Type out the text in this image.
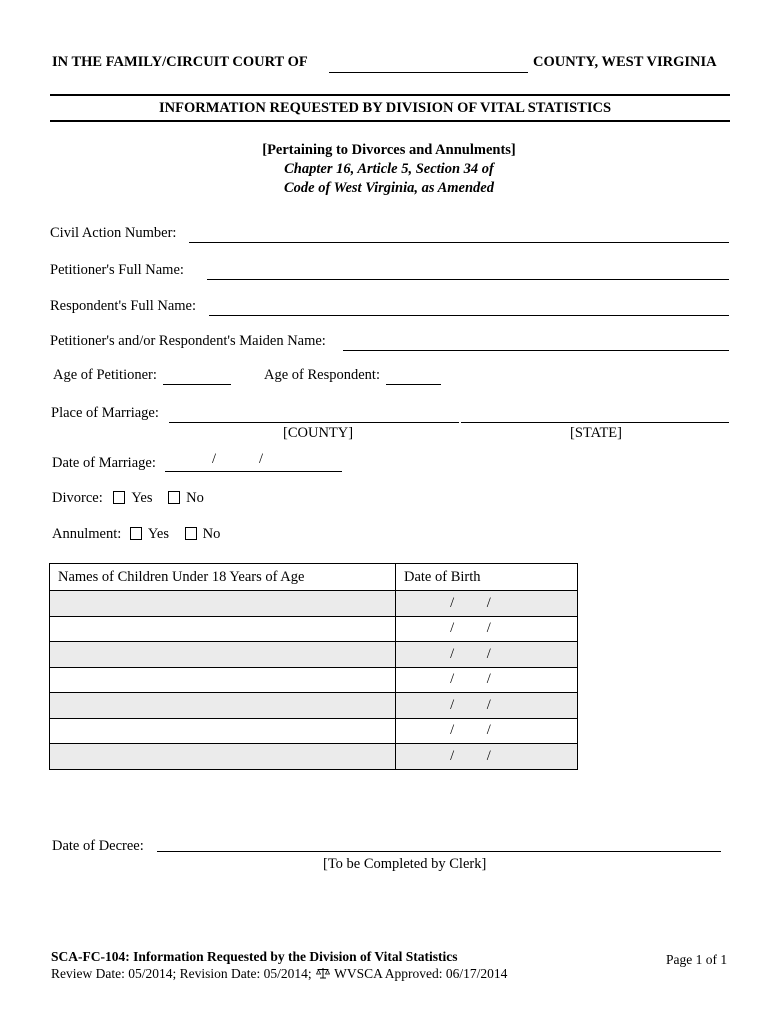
IN THE FAMILY/CIRCUIT COURT OF	COUNTY, WEST VIRGINIA
INFORMATION REQUESTED BY DIVISION OF VITAL STATISTICS
[Pertaining to Divorces and Annulments]
Chapter 16, Article 5, Section 34 of
Code of West Virginia, as Amended
Civil Action Number:
Petitioner's Full Name:
Respondent's Full Name:
Petitioner's and/or Respondent's Maiden Name:
Age of Petitioner:	Age of Respondent:
Place of Marriage:
[COUNTY]	[STATE]
Date of Marriage:	/	/
Divorce: Yes No
Annulment: Yes No
Names of Children Under 18 Years of Age	Date of Birth
	/         /
	/         /
	/         /
	/         /
	/         /
	/         /
	/         /
Date of Decree:
[To be Completed by Clerk]
SCA-FC-104: Information Requested by the Division of Vital Statistics
Review Date: 05/2014; Revision Date: 05/2014; WVSCA Approved: 06/17/2014
Page 1 of 1
